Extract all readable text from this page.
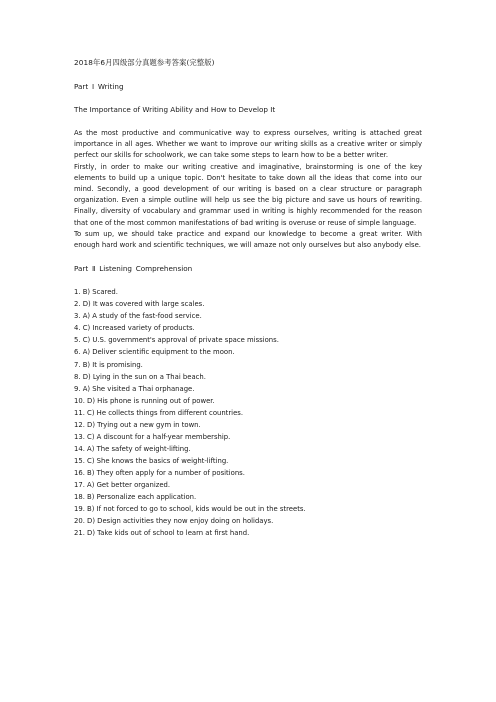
2018年6月四级部分真题参考答案(完整版)
Part Ⅰ Writing
The Importance of Writing Ability and How to Develop It

As the most productive and communicative way to express ourselves, writing is attached great importance in all ages. Whether we want to improve our writing skills as a creative writer or simply perfect our skills for schoolwork, we can take some steps to learn how to be a better writer.

Firstly, in order to make our writing creative and imaginative, brainstorming is one of the key elements to build up a unique topic. Don't hesitate to take down all the ideas that come into our mind. Secondly, a good development of our writing is based on a clear structure or paragraph organization. Even a simple outline will help us see the big picture and save us hours of rewriting. Finally, diversity of vocabulary and grammar used in writing is highly recommended for the reason that one of the most common manifestations of bad writing is overuse or reuse of simple language.

To sum up, we should take practice and expand our knowledge to become a great writer. With enough hard work and scientific techniques, we will amaze not only ourselves but also anybody else.

Part Ⅱ Listening Comprehension
1. B) Scared.
2. D) It was covered with large scales.
3. A) A study of the fast-food service.
4. C) Increased variety of products.
5. C) U.S. government's approval of private space missions.
6. A) Deliver scientific equipment to the moon.
7. B) It is promising.
8. D) Lying in the sun on a Thai beach.
9. A) She visited a Thai orphanage.
10. D) His phone is running out of power.
11. C) He collects things from different countries.
12. D) Trying out a new gym in town.
13. C) A discount for a half-year membership.
14. A) The safety of weight-lifting.
15. C) She knows the basics of weight-lifting.
16. B) They often apply for a number of positions.
17. A) Get better organized.
18. B) Personalize each application.
19. B) If not forced to go to school, kids would be out in the streets.
20. D) Design activities they now enjoy doing on holidays.
21. D) Take kids out of school to learn at first hand.
